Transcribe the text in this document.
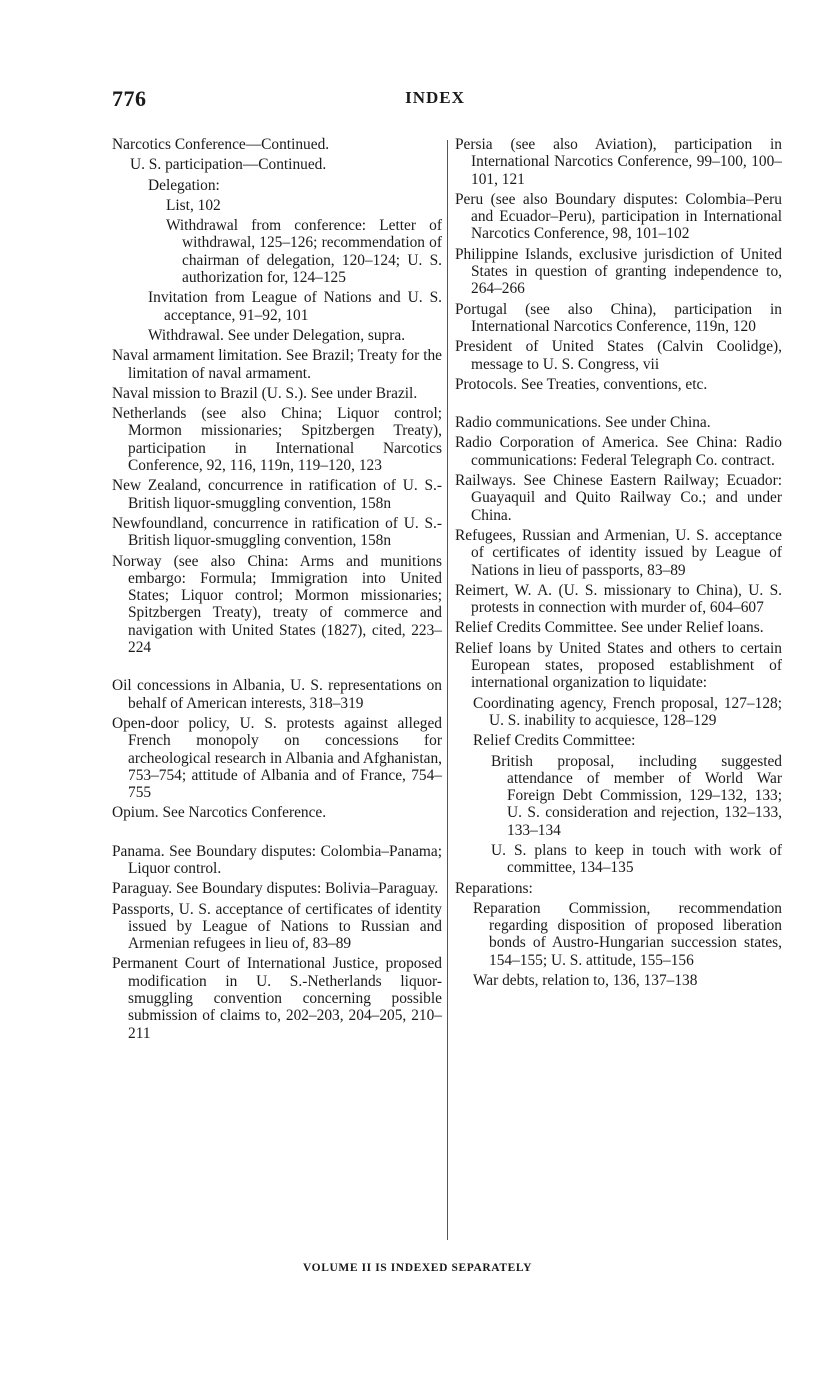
776	INDEX
Narcotics Conference—Continued.
U. S. participation—Continued.
Delegation:
List, 102
Withdrawal from conference: Letter of withdrawal, 125–126; recommendation of chairman of delegation, 120–124; U. S. authorization for, 124–125
Invitation from League of Nations and U. S. acceptance, 91–92, 101
Withdrawal. See under Delegation, supra.
Naval armament limitation. See Brazil; Treaty for the limitation of naval armament.
Naval mission to Brazil (U. S.). See under Brazil.
Netherlands (see also China; Liquor control; Mormon missionaries; Spitzbergen Treaty), participation in International Narcotics Conference, 92, 116, 119n, 119–120, 123
New Zealand, concurrence in ratification of U. S.-British liquor-smuggling convention, 158n
Newfoundland, concurrence in ratification of U. S.-British liquor-smuggling convention, 158n
Norway (see also China: Arms and munitions embargo: Formula; Immigration into United States; Liquor control; Mormon missionaries; Spitzbergen Treaty), treaty of commerce and navigation with United States (1827), cited, 223–224
Oil concessions in Albania, U. S. representations on behalf of American interests, 318–319
Open-door policy, U. S. protests against alleged French monopoly on concessions for archeological research in Albania and Afghanistan, 753–754; attitude of Albania and of France, 754–755
Opium. See Narcotics Conference.
Panama. See Boundary disputes: Colombia–Panama; Liquor control.
Paraguay. See Boundary disputes: Bolivia–Paraguay.
Passports, U. S. acceptance of certificates of identity issued by League of Nations to Russian and Armenian refugees in lieu of, 83–89
Permanent Court of International Justice, proposed modification in U. S.-Netherlands liquor-smuggling convention concerning possible submission of claims to, 202–203, 204–205, 210–211
Persia (see also Aviation), participation in International Narcotics Conference, 99–100, 100–101, 121
Peru (see also Boundary disputes: Colombia–Peru and Ecuador–Peru), participation in International Narcotics Conference, 98, 101–102
Philippine Islands, exclusive jurisdiction of United States in question of granting independence to, 264–266
Portugal (see also China), participation in International Narcotics Conference, 119n, 120
President of United States (Calvin Coolidge), message to U. S. Congress, vii
Protocols. See Treaties, conventions, etc.
Radio communications. See under China.
Radio Corporation of America. See China: Radio communications: Federal Telegraph Co. contract.
Railways. See Chinese Eastern Railway; Ecuador: Guayaquil and Quito Railway Co.; and under China.
Refugees, Russian and Armenian, U. S. acceptance of certificates of identity issued by League of Nations in lieu of passports, 83–89
Reimert, W. A. (U. S. missionary to China), U. S. protests in connection with murder of, 604–607
Relief Credits Committee. See under Relief loans.
Relief loans by United States and others to certain European states, proposed establishment of international organization to liquidate:
Coordinating agency, French proposal, 127–128; U. S. inability to acquiesce, 128–129
Relief Credits Committee:
British proposal, including suggested attendance of member of World War Foreign Debt Commission, 129–132, 133; U. S. consideration and rejection, 132–133, 133–134
U. S. plans to keep in touch with work of committee, 134–135
Reparations:
Reparation Commission, recommendation regarding disposition of proposed liberation bonds of Austro-Hungarian succession states, 154–155; U. S. attitude, 155–156
War debts, relation to, 136, 137–138
VOLUME II IS INDEXED SEPARATELY
